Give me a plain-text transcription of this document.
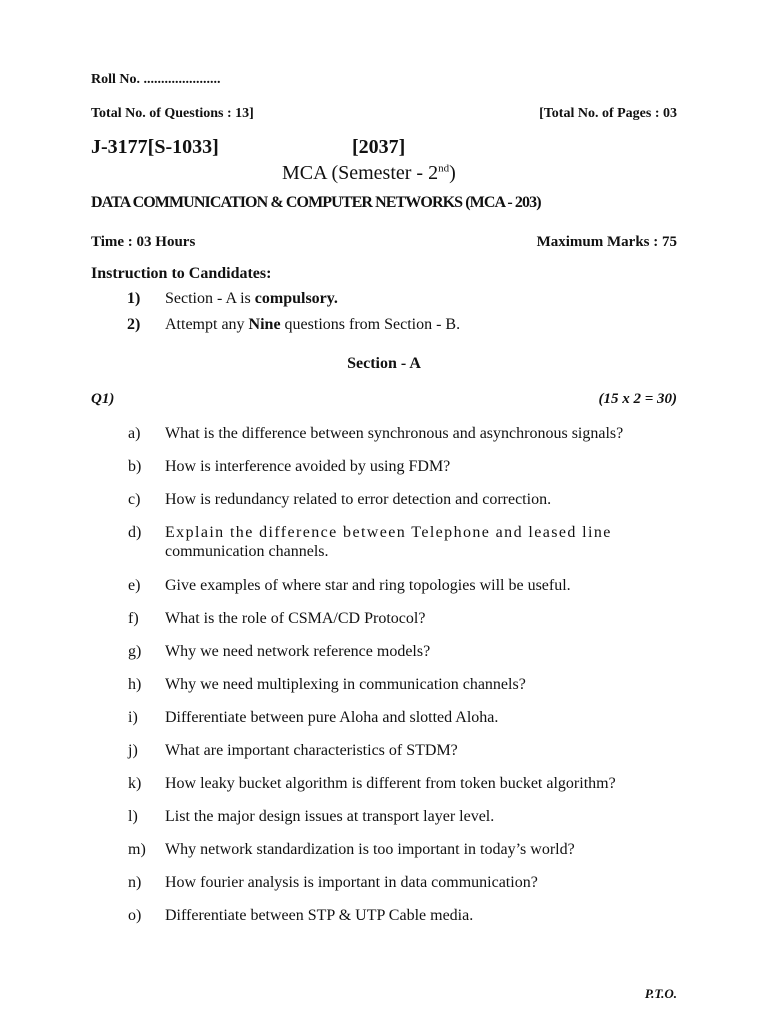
Roll No. ......................
Total No. of Questions : 13]	[Total No. of Pages : 03
J-3177[S-1033]	[2037]
MCA (Semester - 2nd)
DATA COMMUNICATION & COMPUTER NETWORKS (MCA - 203)
Time : 03 Hours	Maximum Marks : 75
Instruction to Candidates:
1) Section - A is compulsory.
2) Attempt any Nine questions from Section - B.
Section - A
Q1)	(15 x 2 = 30)
a)	What is the difference between synchronous and asynchronous signals?
b)	How is interference avoided by using FDM?
c)	How is redundancy related to error detection and correction.
d)	Explain the difference between Telephone and leased line
communication channels.
e)	Give examples of where star and ring topologies will be useful.
f)	What is the role of CSMA/CD Protocol?
g)	Why we need network reference models?
h)	Why we need multiplexing in communication channels?
i)	Differentiate between pure Aloha and slotted Aloha.
j)	What are important characteristics of STDM?
k)	How leaky bucket algorithm is different from token bucket algorithm?
l)	List the major design issues at transport layer level.
m)	Why network standardization is too important in today’s world?
n)	How fourier analysis is important in data communication?
o)	Differentiate between STP & UTP Cable media.
P.T.O.
